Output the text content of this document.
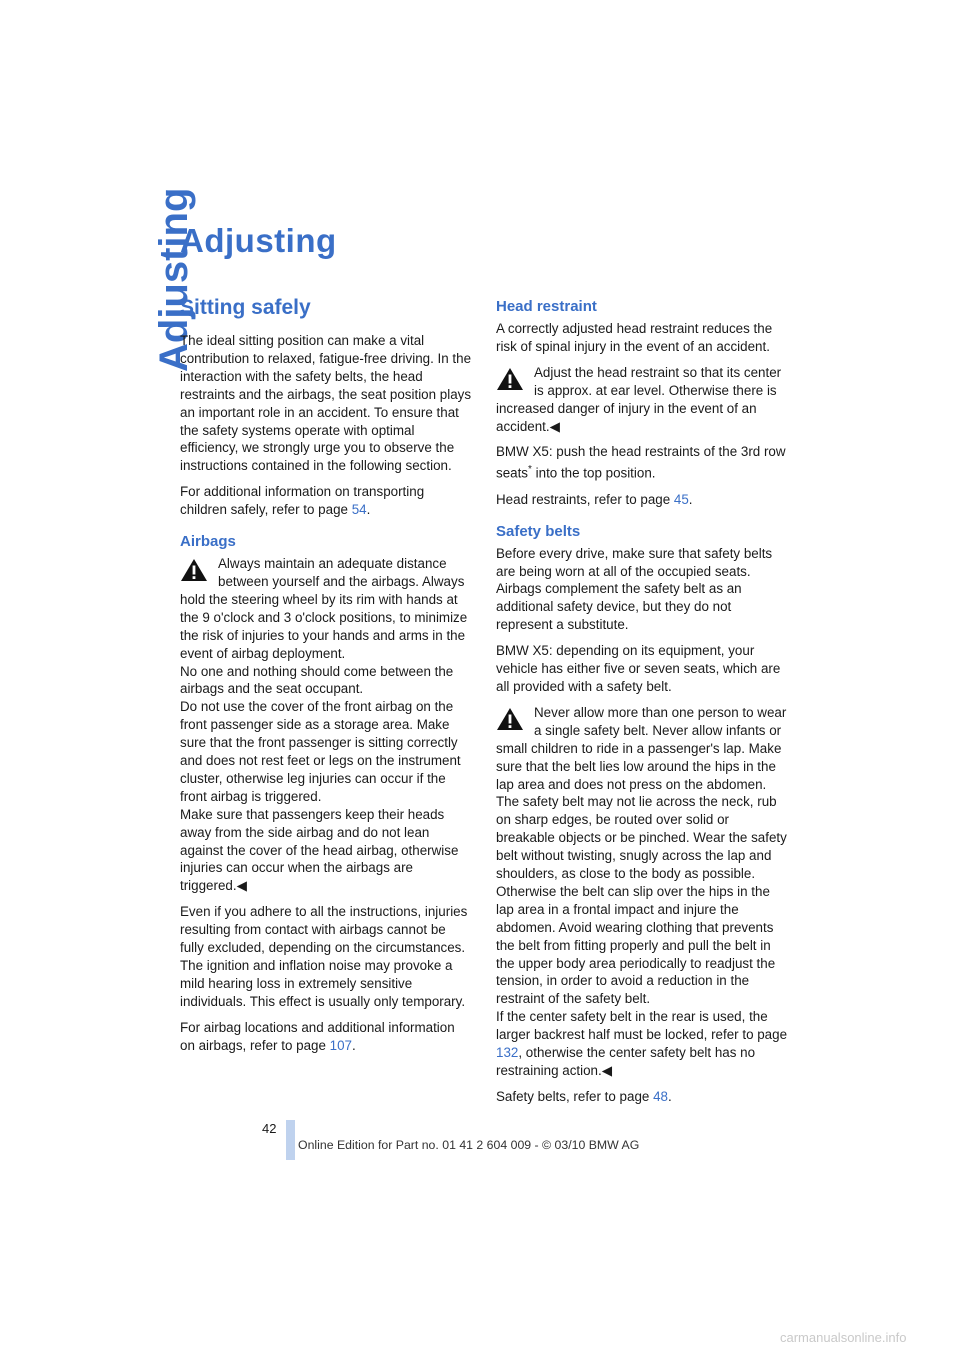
Adjusting
Adjusting
Sitting safely

The ideal sitting position can make a vital contribution to relaxed, fatigue-free driving. In the interaction with the safety belts, the head restraints and the airbags, the seat position plays an important role in an accident. To ensure that the safety systems operate with optimal efficiency, we strongly urge you to observe the instructions contained in the following section.

For additional information on transporting children safely, refer to page 54.

Airbags
Always maintain an adequate distance between yourself and the airbags. Always hold the steering wheel by its rim with hands at the 9 o'clock and 3 o'clock positions, to minimize the risk of injuries to your hands and arms in the event of airbag deployment.
No one and nothing should come between the airbags and the seat occupant.
Do not use the cover of the front airbag on the front passenger side as a storage area. Make sure that the front passenger is sitting correctly and does not rest feet or legs on the instrument cluster, otherwise leg injuries can occur if the front airbag is triggered.
Make sure that passengers keep their heads away from the side airbag and do not lean against the cover of the head airbag, otherwise injuries can occur when the airbags are triggered.◀

Even if you adhere to all the instructions, injuries resulting from contact with airbags cannot be fully excluded, depending on the circumstances. The ignition and inflation noise may provoke a mild hearing loss in extremely sensitive individuals. This effect is usually only temporary.

For airbag locations and additional information on airbags, refer to page 107.

Head restraint

A correctly adjusted head restraint reduces the risk of spinal injury in the event of an accident.

Adjust the head restraint so that its center is approx. at ear level. Otherwise there is increased danger of injury in the event of an accident.◀

BMW X5: push the head restraints of the 3rd row seats* into the top position.

Head restraints, refer to page 45.

Safety belts

Before every drive, make sure that safety belts are being worn at all of the occupied seats. Airbags complement the safety belt as an additional safety device, but they do not represent a substitute.

BMW X5: depending on its equipment, your vehicle has either five or seven seats, which are all provided with a safety belt.

Never allow more than one person to wear a single safety belt. Never allow infants or small children to ride in a passenger's lap. Make sure that the belt lies low around the hips in the lap area and does not press on the abdomen. The safety belt may not lie across the neck, rub on sharp edges, be routed over solid or breakable objects or be pinched. Wear the safety belt without twisting, snugly across the lap and shoulders, as close to the body as possible. Otherwise the belt can slip over the hips in the lap area in a frontal impact and injure the abdomen. Avoid wearing clothing that prevents the belt from fitting properly and pull the belt in the upper body area periodically to readjust the tension, in order to avoid a reduction in the restraint of the safety belt.
If the center safety belt in the rear is used, the larger backrest half must be locked, refer to page 132, otherwise the center safety belt has no restraining action.◀

Safety belts, refer to page 48.

42
Online Edition for Part no. 01 41 2 604 009 - © 03/10 BMW AG
carmanualsonline.info
